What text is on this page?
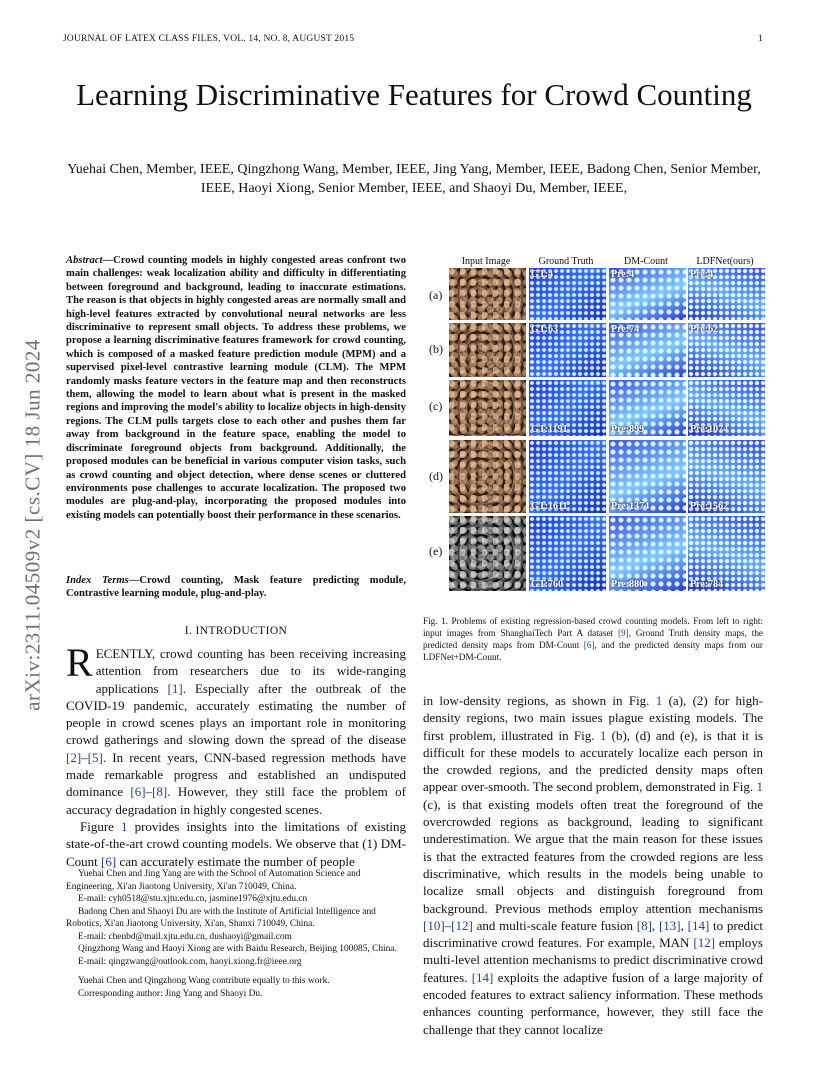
JOURNAL OF LATEX CLASS FILES, VOL. 14, NO. 8, AUGUST 2015	1
Learning Discriminative Features for Crowd Counting
Yuehai Chen, Member, IEEE, Qingzhong Wang, Member, IEEE, Jing Yang, Member, IEEE, Badong Chen, Senior Member, IEEE, Haoyi Xiong, Senior Member, IEEE, and Shaoyi Du, Member, IEEE,
arXiv:2311.04509v2 [cs.CV] 18 Jun 2024
Abstract—Crowd counting models in highly congested areas confront two main challenges: weak localization ability and difficulty in differentiating between foreground and background, leading to inaccurate estimations. The reason is that objects in highly congested areas are normally small and high-level features extracted by convolutional neural networks are less discriminative to represent small objects. To address these problems, we propose a learning discriminative features framework for crowd counting, which is composed of a masked feature prediction module (MPM) and a supervised pixel-level contrastive learning module (CLM). The MPM randomly masks feature vectors in the feature map and then reconstructs them, allowing the model to learn about what is present in the masked regions and improving the model's ability to localize objects in high-density regions. The CLM pulls targets close to each other and pushes them far away from background in the feature space, enabling the model to discriminate foreground objects from background. Additionally, the proposed modules can be beneficial in various computer vision tasks, such as crowd counting and object detection, where dense scenes or cluttered environments pose challenges to accurate localization. The proposed two modules are plug-and-play, incorporating the proposed modules into existing models can potentially boost their performance in these scenarios.
Index Terms—Crowd counting, Mask feature predicting module, Contrastive learning module, plug-and-play.
I. INTRODUCTION
RECENTLY, crowd counting has been receiving increasing attention from researchers due to its wide-ranging applications [1]. Especially after the outbreak of the COVID-19 pandemic, accurately estimating the number of people in crowd scenes plays an important role in monitoring crowd gatherings and slowing down the spread of the disease [2]–[5]. In recent years, CNN-based regression methods have made remarkable progress and established an undisputed dominance [6]–[8]. However, they still face the problem of accuracy degradation in highly congested scenes.
Figure 1 provides insights into the limitations of existing state-of-the-art crowd counting models. We observe that (1) DM-Count [6] can accurately estimate the number of people

Yuehai Chen and Jing Yang are with the School of Automation Science and Engineering, Xi'an Jiaotong University, Xi'an 710049, China.

E-mail: cyh0518@stu.xjtu.edu.cn, jasmine1976@xjtu.edu.cn

Badong Chen and Shaoyi Du are with the Institute of Artificial Intelligence and Robotics, Xi'an Jiaotong University, Xi'an, Shanxi 710049, China.

E-mail: chenbd@mail.xjtu.edu.cn, dushaoyi@gmail.com

Qingzhong Wang and Haoyi Xiong are with Baidu Research, Beijing 100085, China.

E-mail: qingzwang@outlook.com, haoyi.xiong.fr@ieee.org

Yuehai Chen and Qingzhong Wang contribute equally to this work.

Corresponding author: Jing Yang and Shaoyi Du.

Input Image	Ground Truth	DM-Count	LDFNet(ours)
(a)
GT:4	Pre:4	Pre:4
(b)
GT:63	Pre:74	Pre:62
(c)
GT:1191	Pre:899	Pre:1074
(d)
GT:1611	Pre:1374	Pre:1562
(e)
GT:760	Pre:880	Pre:784
Fig. 1. Problems of existing regression-based crowd counting models. From left to right: input images from ShanghaiTech Part A dataset [9], Ground Truth density maps, the predicted density maps from DM-Count [6], and the predicted density maps from our LDFNet+DM-Count.
in low-density regions, as shown in Fig. 1 (a), (2) for high-density regions, two main issues plague existing models. The first problem, illustrated in Fig. 1 (b), (d) and (e), is that it is difficult for these models to accurately localize each person in the crowded regions, and the predicted density maps often appear over-smooth. The second problem, demonstrated in Fig. 1 (c), is that existing models often treat the foreground of the overcrowded regions as background, leading to significant underestimation. We argue that the main reason for these issues is that the extracted features from the crowded regions are less discriminative, which results in the models being unable to localize small objects and distinguish foreground from background. Previous methods employ attention mechanisms [10]–[12] and multi-scale feature fusion [8], [13], [14] to predict discriminative crowd features. For example, MAN [12] employs multi-level attention mechanisms to predict discriminative crowd features. [14] exploits the adaptive fusion of a large majority of encoded features to extract saliency information. These methods enhances counting performance, however, they still face the challenge that they cannot localize
